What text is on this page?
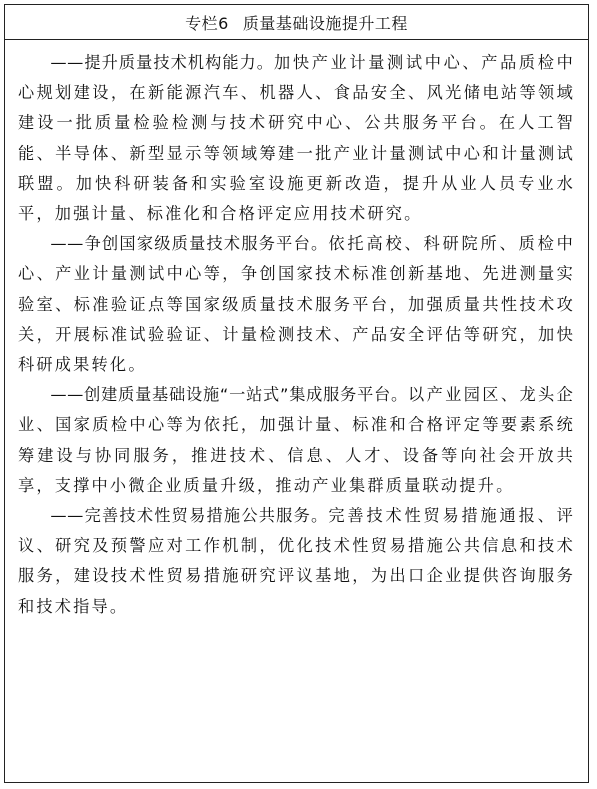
专栏6 质量基础设施提升工程

——提升质量技术机构能力。加快产业计量测试中心、产品质检中心规划建设，在新能源汽车、机器人、食品安全、风光储电站等领域建设一批质量检验检测与技术研究中心、公共服务平台。在人工智能、半导体、新型显示等领域筹建一批产业计量测试中心和计量测试联盟。加快科研装备和实验室设施更新改造，提升从业人员专业水平，加强计量、标准化和合格评定应用技术研究。

——争创国家级质量技术服务平台。依托高校、科研院所、质检中心、产业计量测试中心等，争创国家技术标准创新基地、先进测量实验室、标准验证点等国家级质量技术服务平台，加强质量共性技术攻关，开展标准试验验证、计量检测技术、产品安全评估等研究，加快科研成果转化。

——创建质量基础设施“一站式”集成服务平台。以产业园区、龙头企业、国家质检中心等为依托，加强计量、标准和合格评定等要素系统筹建设与协同服务，推进技术、信息、人才、设备等向社会开放共享，支撑中小微企业质量升级，推动产业集群质量联动提升。

——完善技术性贸易措施公共服务。完善技术性贸易措施通报、评议、研究及预警应对工作机制，优化技术性贸易措施公共信息和技术服务，建设技术性贸易措施研究评议基地，为出口企业提供咨询服务和技术指导。
